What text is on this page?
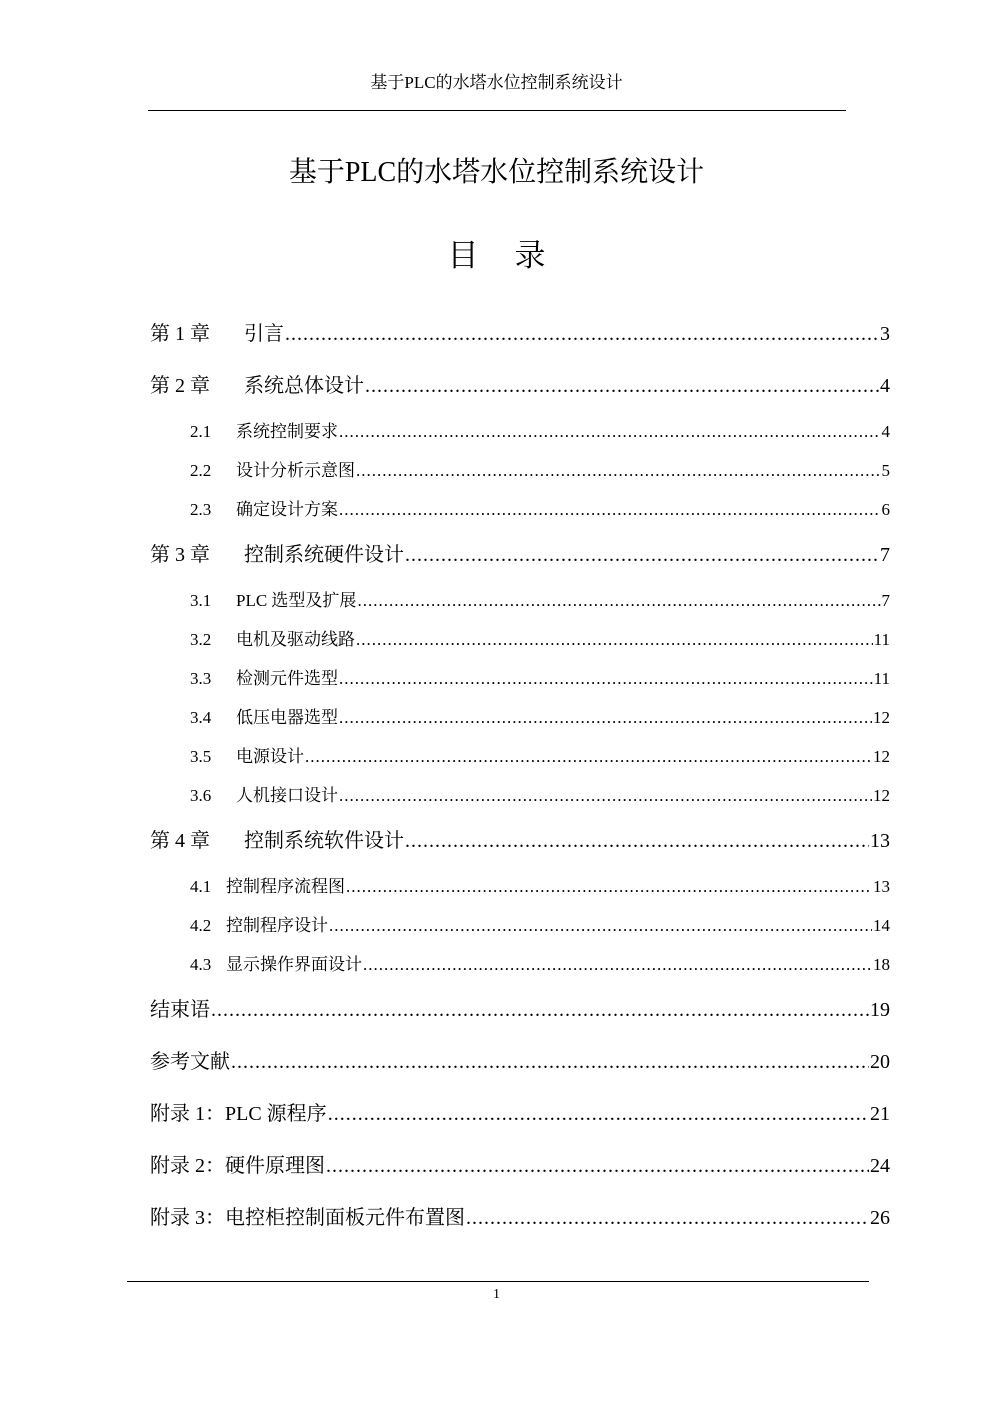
基于PLC的水塔水位控制系统设计
基于PLC的水塔水位控制系统设计
目录
第 1 章	引言 .....	3
第 2 章	系统总体设计 .....	4
2.1	系统控制要求 .....	4
2.2	设计分析示意图 .....	5
2.3	确定设计方案 .....	6
第 3 章	控制系统硬件设计 .....	7
3.1	PLC 选型及扩展 .....	7
3.2	电机及驱动线路 .....	11
3.3	检测元件选型 .....	11
3.4	低压电器选型 .....	12
3.5	电源设计 .....	12
3.6	人机接口设计 .....	12
第 4 章	控制系统软件设计 .....	13
4.1 控制程序流程图 .....	13
4.2 控制程序设计 .....	14
4.3 显示操作界面设计 .....	18
结束语 .....	19
参考文献 .....	20
附录 1：PLC 源程序 .....	21
附录 2：硬件原理图 .....	24
附录 3：电控柜控制面板元件布置图 .....	26
1
